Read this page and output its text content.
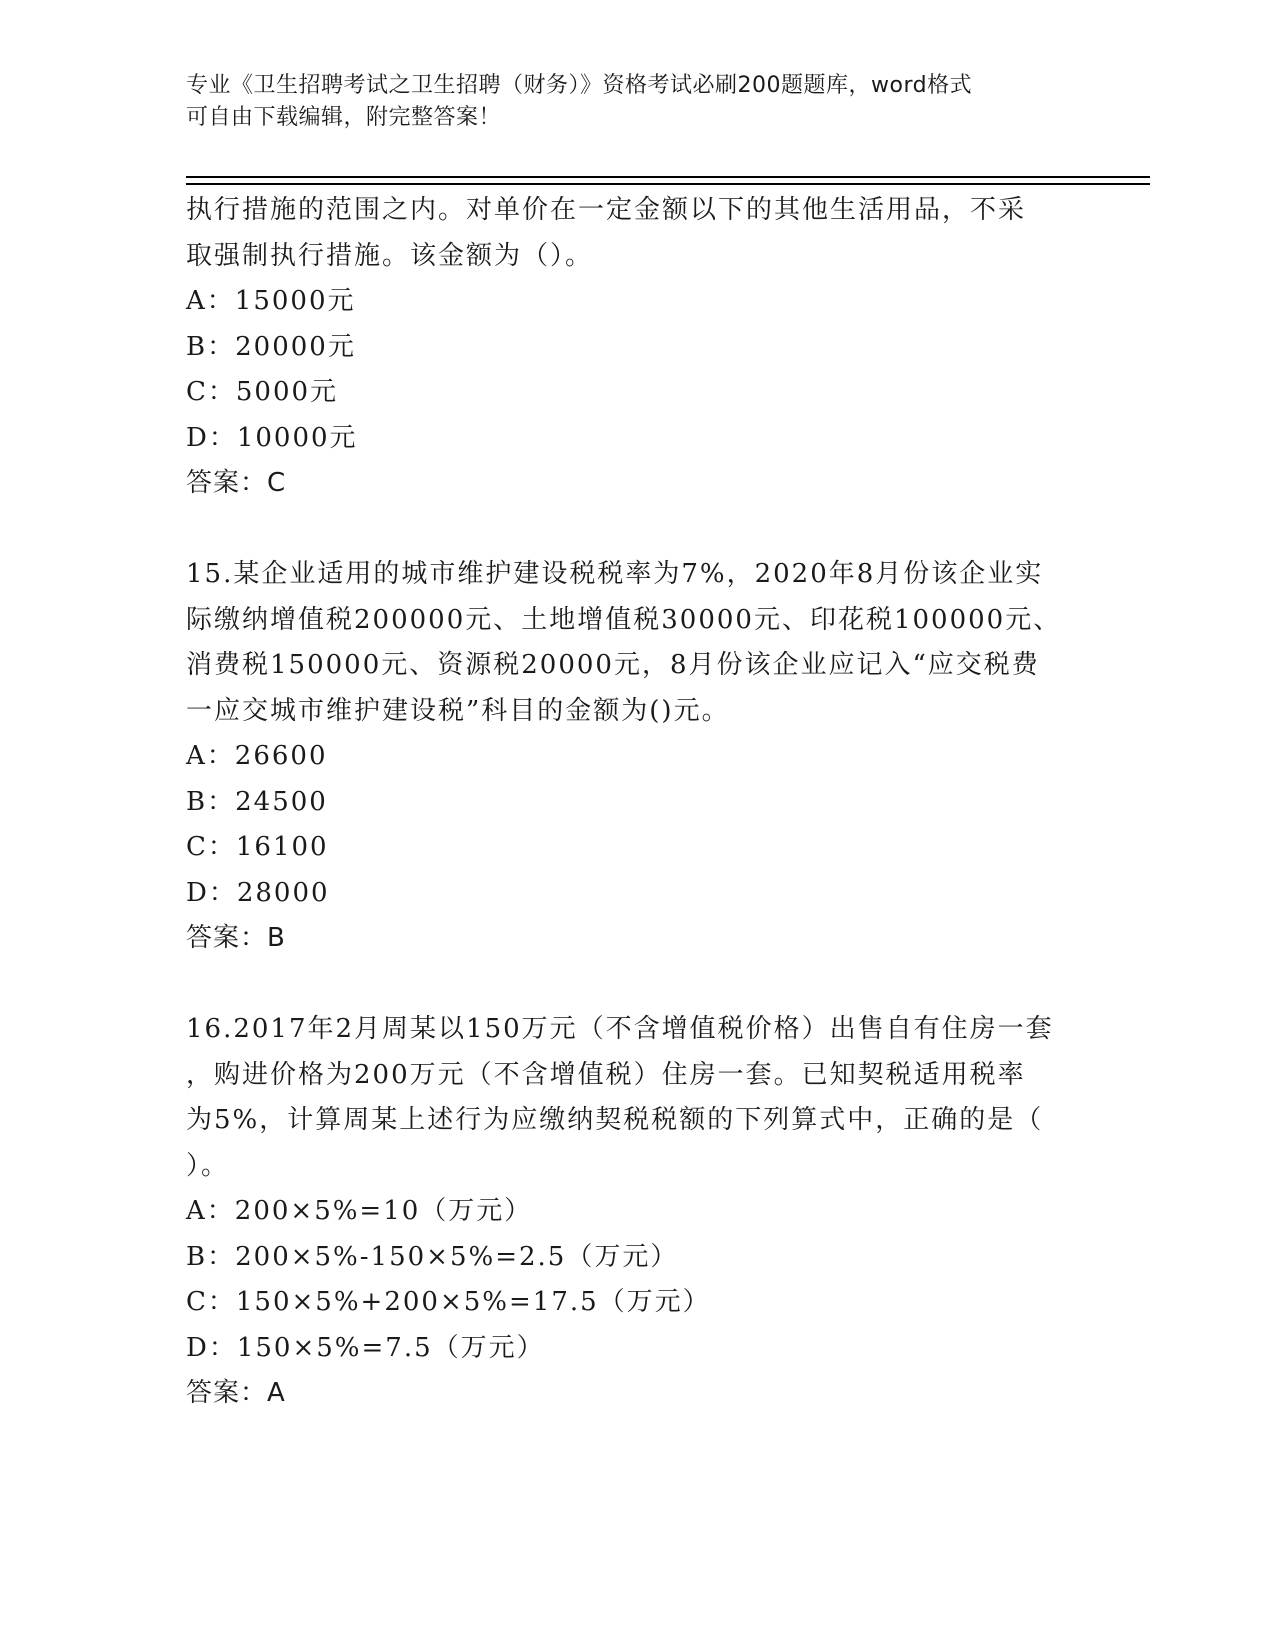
专业《卫生招聘考试之卫生招聘（财务）》资格考试必刷200题题库，word格式
可自由下载编辑，附完整答案！
执行措施的范围之内。对单价在一定金额以下的其他生活用品，不采
取强制执行措施。该金额为（）。
A：15000元
B：20000元
C：5000元
D：10000元
答案：C
15.某企业适用的城市维护建设税税率为7%，2020年8月份该企业实
际缴纳增值税200000元、土地增值税30000元、印花税100000元、
消费税150000元、资源税20000元，8月份该企业应记入“应交税费
一应交城市维护建设税”科目的金额为()元。
A：26600
B：24500
C：16100
D：28000
答案：B
16.2017年2月周某以150万元（不含增值税价格）出售自有住房一套
，购进价格为200万元（不含增值税）住房一套。已知契税适用税率
为5%，计算周某上述行为应缴纳契税税额的下列算式中，正确的是（
）。
A：200×5%=10（万元）
B：200×5%-150×5%=2.5（万元）
C：150×5%+200×5%=17.5（万元）
D：150×5%=7.5（万元）
答案：A
